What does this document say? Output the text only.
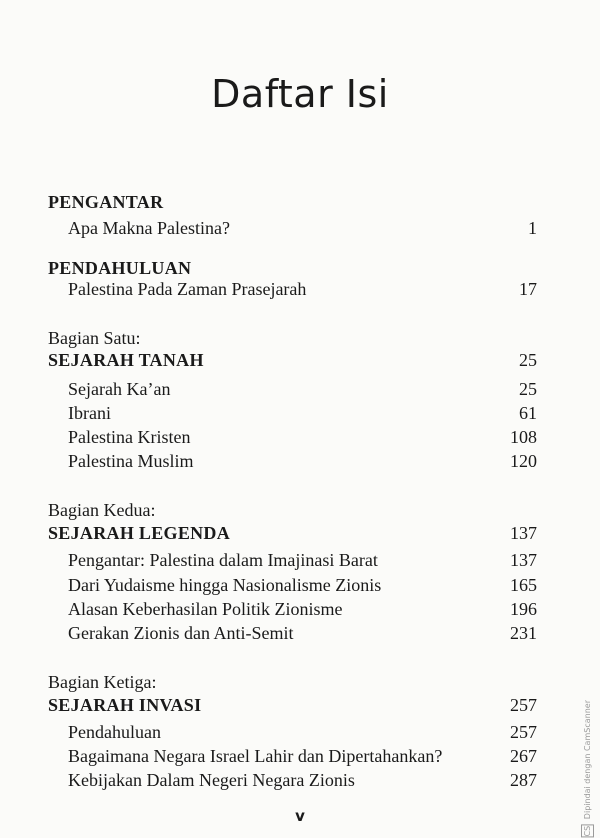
Daftar Isi
PENGANTAR
Apa Makna Palestina?	1
PENDAHULUAN
Palestina Pada Zaman Prasejarah	17
Bagian Satu:
SEJARAH TANAH	25
Sejarah Ka’an	25
Ibrani	61
Palestina Kristen	108
Palestina Muslim	120
Bagian Kedua:
SEJARAH LEGENDA	137
Pengantar: Palestina dalam Imajinasi Barat	137
Dari Yudaisme hingga Nasionalisme Zionis	165
Alasan Keberhasilan Politik Zionisme	196
Gerakan Zionis dan Anti-Semit	231
Bagian Ketiga:
SEJARAH INVASI	257
Pendahuluan	257
Bagaimana Negara Israel Lahir dan Dipertahankan?	267
Kebijakan Dalam Negeri Negara Zionis	287
v
CS Dipindai dengan CamScanner
